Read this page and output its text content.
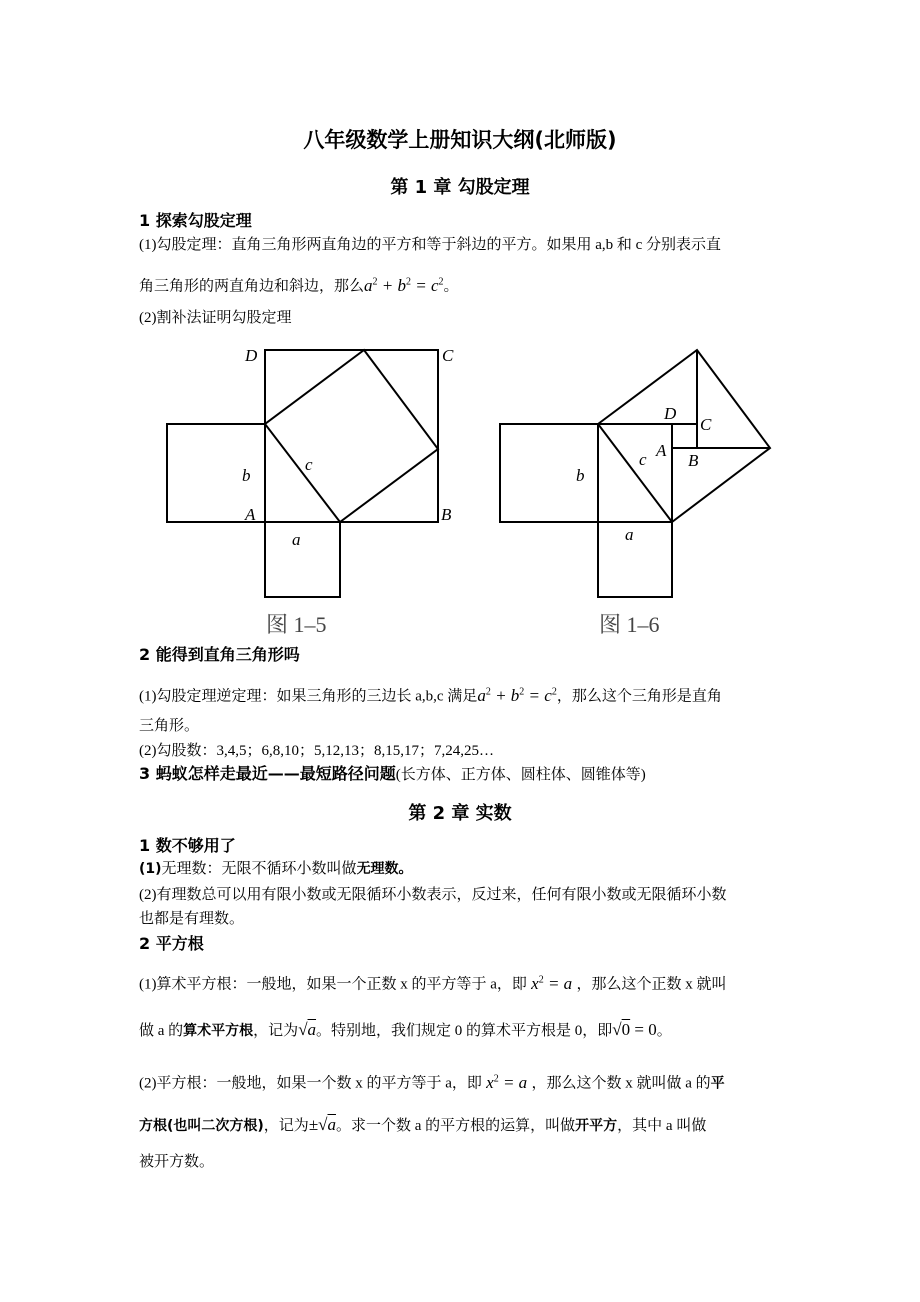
八年级数学上册知识大纲(北师版)
第 1 章 勾股定理
1 探索勾股定理
(1)勾股定理：直角三角形两直角边的平方和等于斜边的平方。如果用 a,b 和 c 分别表示直
角三角形的两直角边和斜边，那么$a^2 + b^2 = c^2$。
(2)割补法证明勾股定理
D	C
b
c
A	B
a
图 1–5
D
C
A
B
b
c
a
图 1–6
2 能得到直角三角形吗
(1)勾股定理逆定理：如果三角形的三边长 a,b,c 满足$a^2 + b^2 = c^2$，那么这个三角形是直角
三角形。
(2)勾股数：3,4,5；6,8,10；5,12,13；8,15,17；7,24,25…
3 蚂蚁怎样走最近——最短路径问题(长方体、正方体、圆柱体、圆锥体等)
第 2 章 实数
1 数不够用了
(1)无理数：无限不循环小数叫做无理数。
(2)有理数总可以用有限小数或无限循环小数表示，反过来，任何有限小数或无限循环小数
也都是有理数。
2 平方根
(1)算术平方根：一般地，如果一个正数 x 的平方等于 a，即 $x^2 = a$ ，那么这个正数 x 就叫
做 a 的算术平方根，记为√a。特别地，我们规定 0 的算术平方根是 0，即√0 = 0。
(2)平方根：一般地，如果一个数 x 的平方等于 a，即 $x^2 = a$ ，那么这个数 x 就叫做 a 的平
方根(也叫二次方根)，记为±√a。求一个数 a 的平方根的运算，叫做开平方，其中 a 叫做
被开方数。
